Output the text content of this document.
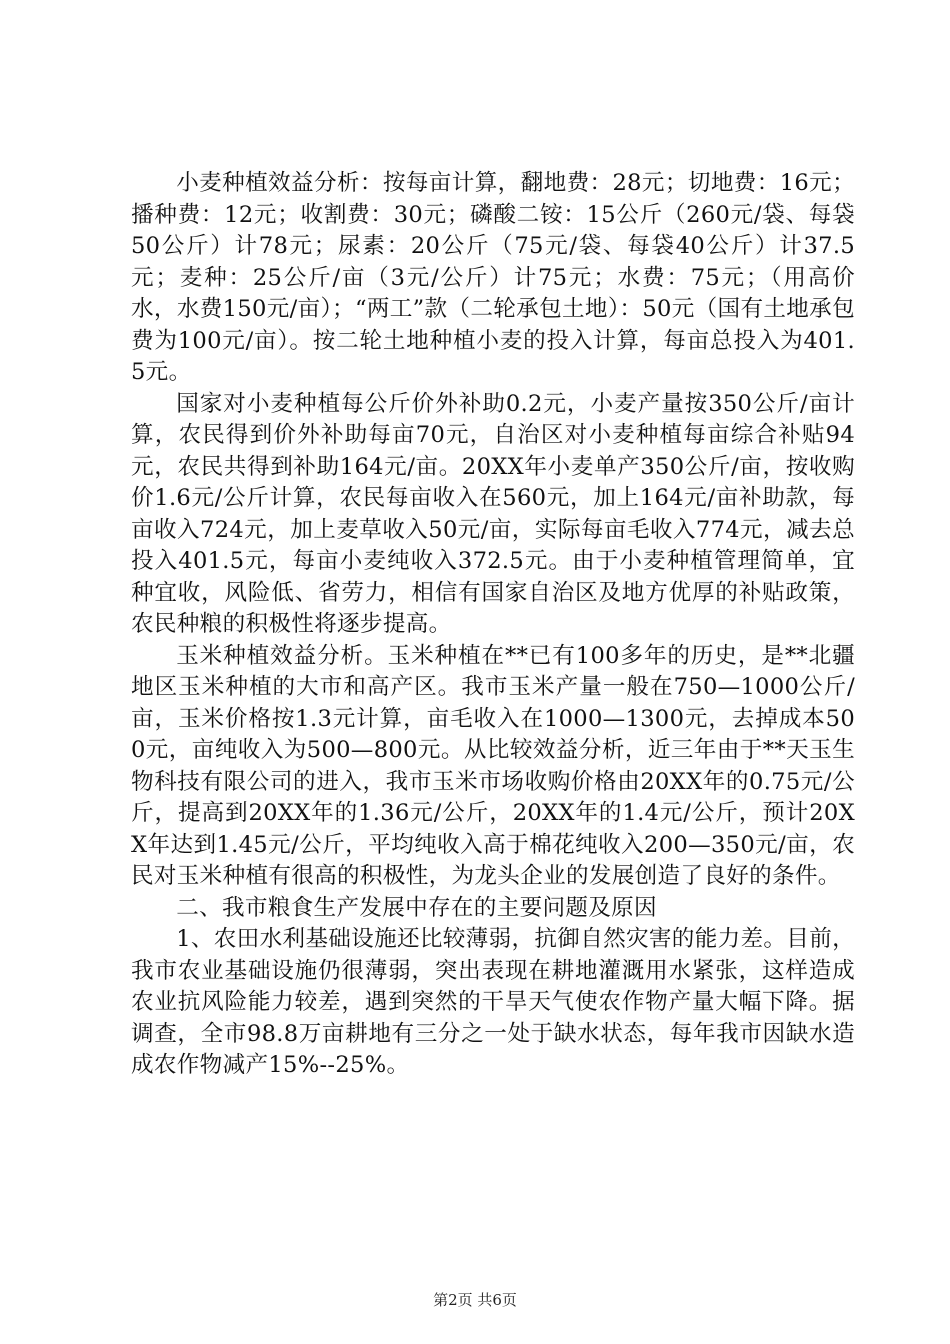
小麦种植效益分析：按每亩计算，翻地费：28元；切地费：16元；播种费：12元；收割费：30元；磷酸二铵：15公斤（260元/袋、每袋50公斤）计78元；尿素：20公斤（75元/袋、每袋40公斤）计37.5元；麦种：25公斤/亩（3元/公斤）计75元；水费：75元；（用高价水，水费150元/亩）；“两工”款（二轮承包土地）：50元（国有土地承包费为100元/亩）。按二轮土地种植小麦的投入计算，每亩总投入为401.5元。

国家对小麦种植每公斤价外补助0.2元，小麦产量按350公斤/亩计算，农民得到价外补助每亩70元，自治区对小麦种植每亩综合补贴94元，农民共得到补助164元/亩。20XX年小麦单产350公斤/亩，按收购价1.6元/公斤计算，农民每亩收入在560元，加上164元/亩补助款，每亩收入724元，加上麦草收入50元/亩，实际每亩毛收入774元，减去总投入401.5元，每亩小麦纯收入372.5元。由于小麦种植管理简单，宜种宜收，风险低、省劳力，相信有国家自治区及地方优厚的补贴政策，农民种粮的积极性将逐步提高。

玉米种植效益分析。玉米种植在**已有100多年的历史，是**北疆地区玉米种植的大市和高产区。我市玉米产量一般在750—1000公斤/亩，玉米价格按1.3元计算，亩毛收入在1000—1300元，去掉成本500元，亩纯收入为500—800元。从比较效益分析，近三年由于**天玉生物科技有限公司的进入，我市玉米市场收购价格由20XX年的0.75元/公斤，提高到20XX年的1.36元/公斤，20XX年的1.4元/公斤，预计20XX年达到1.45元/公斤，平均纯收入高于棉花纯收入200—350元/亩，农民对玉米种植有很高的积极性，为龙头企业的发展创造了良好的条件。

二、我市粮食生产发展中存在的主要问题及原因

1、农田水利基础设施还比较薄弱，抗御自然灾害的能力差。目前，我市农业基础设施仍很薄弱，突出表现在耕地灌溉用水紧张，这样造成农业抗风险能力较差，遇到突然的干旱天气使农作物产量大幅下降。据调查，全市98.8万亩耕地有三分之一处于缺水状态，每年我市因缺水造成农作物减产15%--25%。

第2页 共6页
